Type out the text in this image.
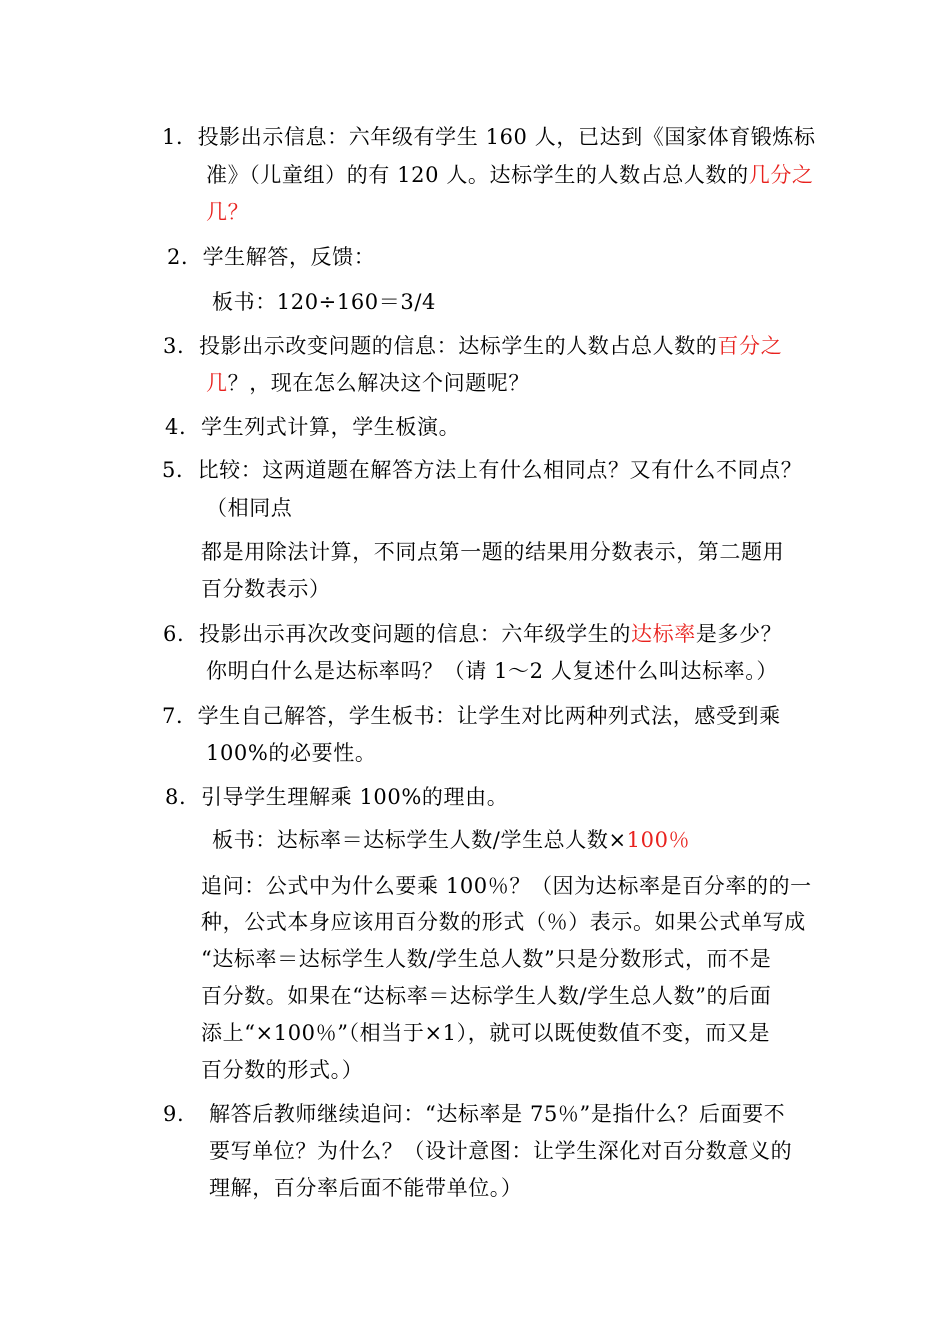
1．投影出示信息：六年级有学生 160 人，已达到《国家体育锻炼标

准》（儿童组）的有 120 人。达标学生的人数占总人数的几分之

几？

2．学生解答，反馈：

板书：120÷160＝3/4

3. 投影出示改变问题的信息：达标学生的人数占总人数的百分之

几？，现在怎么解决这个问题呢？

4. 学生列式计算，学生板演。

5．比较：这两道题在解答方法上有什么相同点？又有什么不同点？

（相同点

都是用除法计算，不同点第一题的结果用分数表示，第二题用

百分数表示）

6. 投影出示再次改变问题的信息：六年级学生的达标率是多少？

你明白什么是达标率吗？（请 1～2 人复述什么叫达标率。）

7．学生自己解答，学生板书：让学生对比两种列式法，感受到乘

100%的必要性。

8. 引导学生理解乘 100%的理由。

板书：达标率＝达标学生人数/学生总人数×100％

追问：公式中为什么要乘 100％？（因为达标率是百分率的的一

种，公式本身应该用百分数的形式（％）表示。如果公式单写成

“达标率＝达标学生人数/学生总人数”只是分数形式，而不是

百分数。如果在“达标率＝达标学生人数/学生总人数”的后面

添上“×100％”（相当于×1），就可以既使数值不变，而又是

百分数的形式。）

9. 解答后教师继续追问：“达标率是 75％”是指什么？后面要不

要写单位？为什么？（设计意图：让学生深化对百分数意义的

理解，百分率后面不能带单位。）
